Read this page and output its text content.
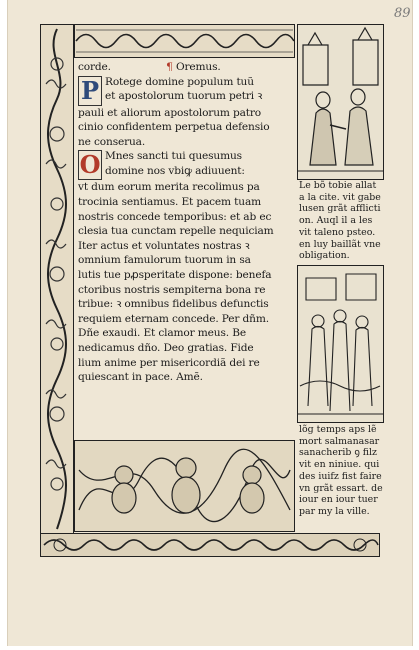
89
corde.	¶ Oremus.
P Rotege domine populum tuũ
et apostolorum tuorum petri ꝛ
pauli et aliorum apostolorum patro
cinio confidentem perpetua defensio
ne conserua.
O Mnes sancti tui quesumus
domine nos vbiꝙ adiuuent:
vt dum eorum merita recolimus pa
trocinia sentiamus. Et pacem tuam
nostris concede temporibus: et ab ec
clesia tua cunctam repelle nequiciam
Iter actus et voluntates nostras ꝛ
omnium famulorum tuorum in sa
lutis tue pꝓsperitate dispone: benefa
ctoribus nostris sempiterna bona re
tribue: ꝛ omnibus fidelibus defunctis
requiem eternam concede. Per dñm.
Dñe exaudi. Et clamor meus. Be
nedicamus dño. Deo gratias. Fide
lium anime per misericordiã dei re
quiescant in pace. Amẽ.
Le bõ tobie allat
a la cite. vit gabe
lusen grãt afflicti
on. Auql il a les
vit taleno psteo.
en luy baillãt vne
obligation.
lõg temps aps lẽ
mort salmanasar
sanacherib ꝯ filz
vit en niniue. qui
des iuifz fist faire
vn grãt essart. de
iour en iour tuer
par my la ville.
